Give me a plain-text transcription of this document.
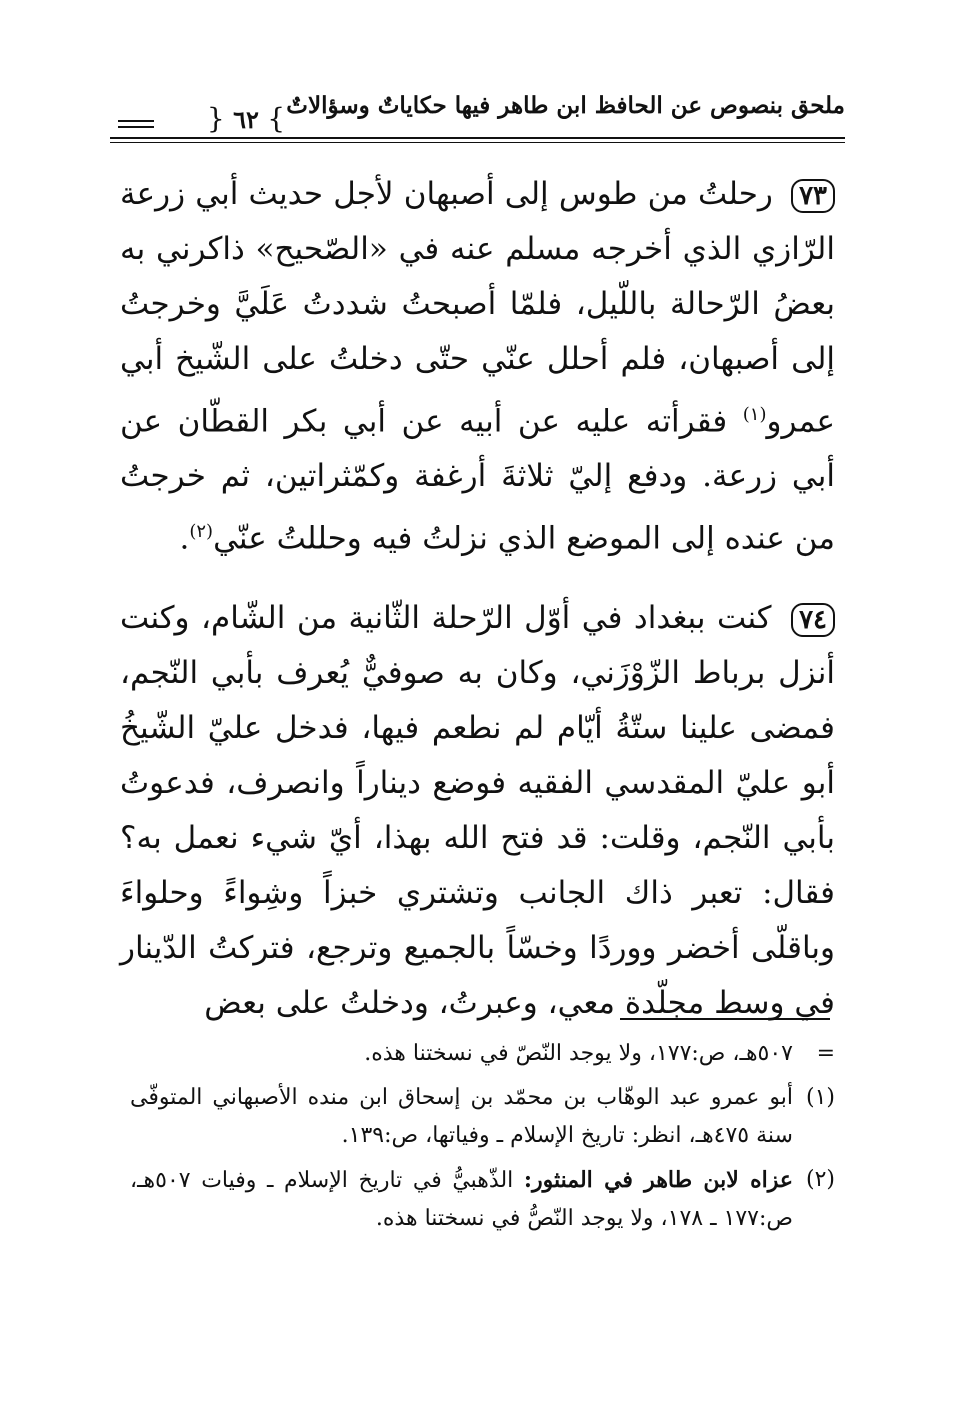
ملحق بنصوص عن الحافظ ابن طاهر فيها حكاياتٌ وسؤالاتٌ
} ٦٢ {

٧٣ رحلتُ من طوس إلى أصبهان لأجل حديث أبي زرعة الرّازي الذي أخرجه مسلم عنه في «الصّحيح» ذاكرني به بعضُ الرّحالة باللّيل، فلمّا أصبحتُ شددتُ عَلَيَّ وخرجتُ إلى أصبهان، فلم أحلل عنّي حتّى دخلتُ على الشّيخ أبي عمرو$^{(١)}$ فقرأته عليه عن أبيه عن أبي بكر القطّان عن أبي زرعة. ودفع إليّ ثلاثةَ أرغفة وكمّثراتين، ثم خرجتُ من عنده إلى الموضع الذي نزلتُ فيه وحللتُ عنّي$^{(٢)}$.

٧٤ كنت ببغداد في أوّل الرّحلة الثّانية من الشّام، وكنت أنزل برباط الزّوْزَني، وكان به صوفيٌّ يُعرف بأبي النّجم، فمضى علينا ستّةُ أيّام لم نطعم فيها، فدخل عليّ الشّيخُ أبو عليّ المقدسي الفقيه فوضع ديناراً وانصرف، فدعوتُ بأبي النّجم، وقلت: قد فتح الله بهذا، أيّ شيء نعمل به؟ فقال: تعبر ذاك الجانب وتشتري خبزاً وشِواءً وحلواءَ وباقلّى أخضر ووردًا وخسّاً بالجميع وترجع، فتركتُ الدّينار في وسط مجلّدة معي، وعبرتُ، ودخلتُ على بعض

=
٥٠٧هـ، ص:١٧٧، ولا يوجد النّصّ في نسختنا هذه.
(١)
أبو عمرو عبد الوهّاب بن محمّد بن إسحاق ابن منده الأصبهاني المتوفّى سنة ٤٧٥هـ، انظر: تاريخ الإسلام ـ وفياتها، ص:١٣٩.
(٢)
عزاه لابن طاهر في المنثور: الذّهبيُّ في تاريخ الإسلام ـ وفيات ٥٠٧هـ، ص:١٧٧ ـ ١٧٨، ولا يوجد النّصُّ في نسختنا هذه.
